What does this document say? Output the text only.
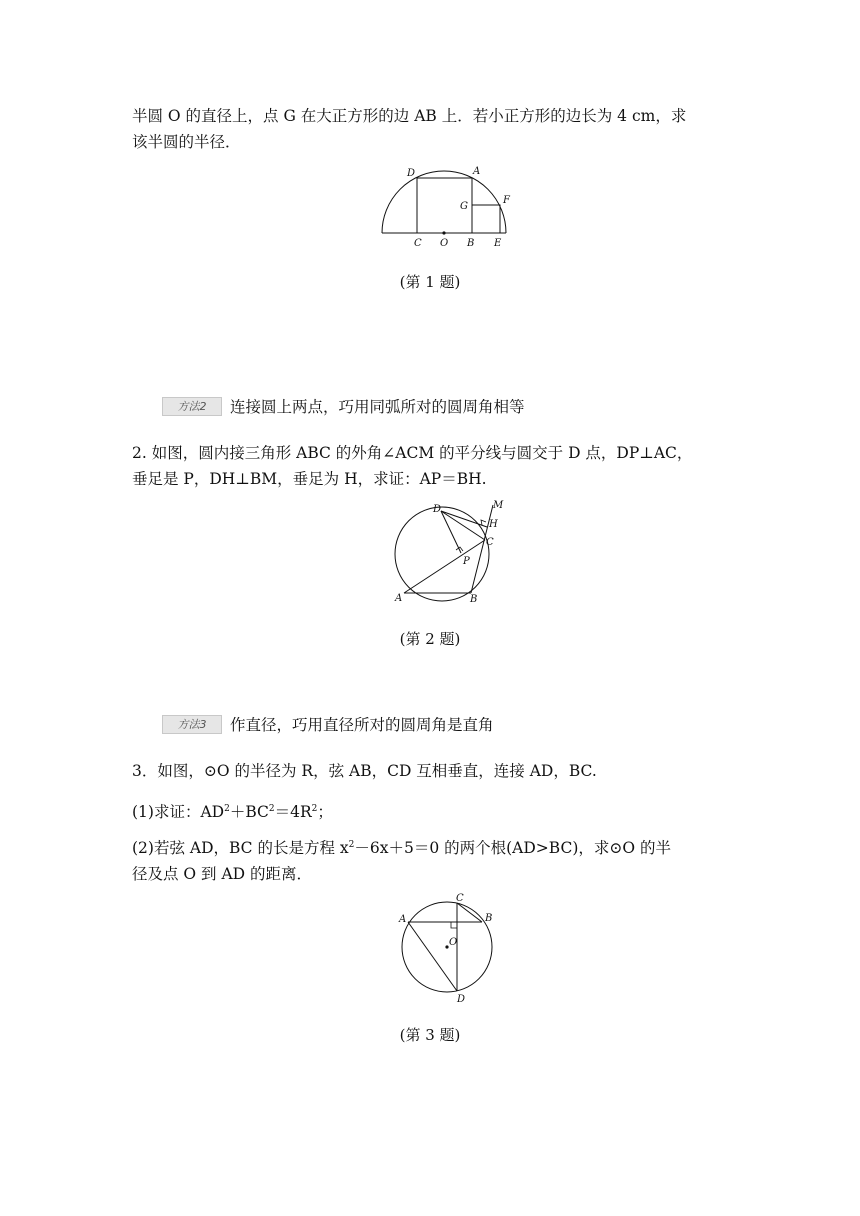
半圆 O 的直径上，点 G 在大正方形的边 AB 上．若小正方形的边长为 4 cm，求
该半圆的半径．

D	A
G
F
C O B E
(第 1 题)
方法2	连接圆上两点，巧用同弧所对的圆周角相等

2. 如图，圆内接三角形 ABC 的外角∠ACM 的平分线与圆交于 D 点，DP⊥AC，
垂足是 P，DH⊥BM，垂足为 H，求证：AP＝BH.

D	M
H
C
P
A	B
(第 2 题)
方法3	作直径，巧用直径所对的圆周角是直角

3．如图，⊙O 的半径为 R，弦 AB，CD 互相垂直，连接 AD，BC.

(1)求证：$AD^2+BC^2=4R^2$；

(2)若弦 AD，BC 的长是方程 $x^2-6x+5=0$ 的两个根(AD>BC)，求⊙O 的半
径及点 O 到 AD 的距离．

A
C
B
O
D
(第 3 题)
